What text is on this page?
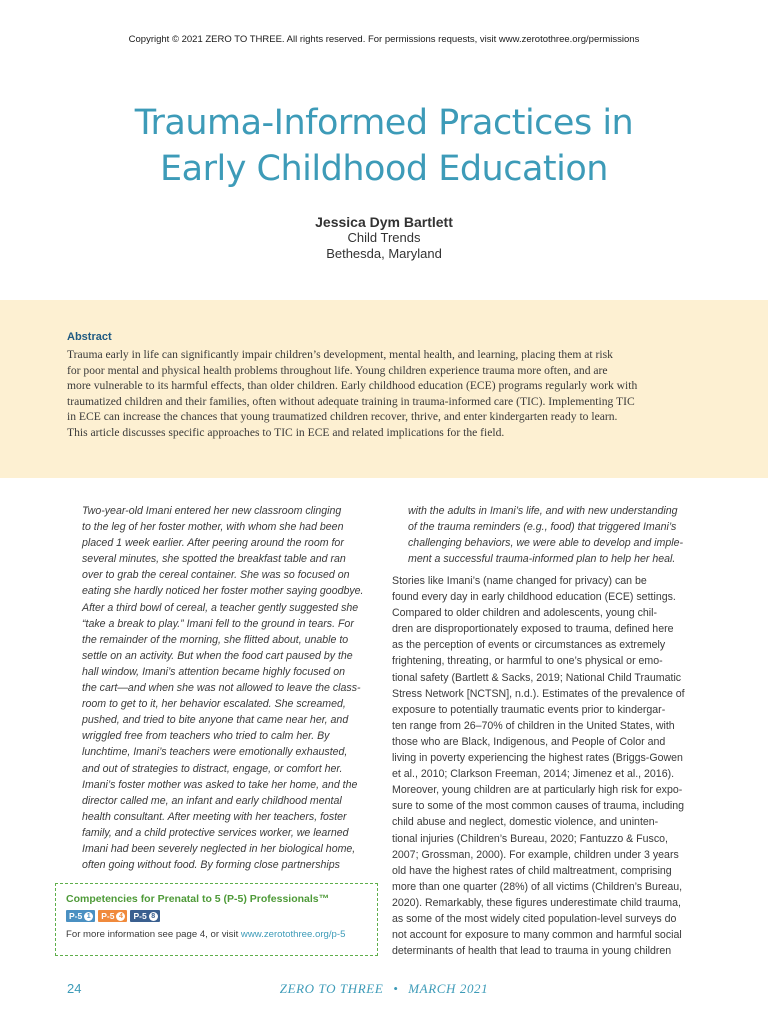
Copyright © 2021 ZERO TO THREE. All rights reserved. For permissions requests, visit www.zerotothree.org/permissions
Trauma-Informed Practices in
Early Childhood Education
Jessica Dym Bartlett
Child Trends
Bethesda, Maryland
Abstract

Trauma early in life can significantly impair children’s development, mental health, and learning, placing them at risk
for poor mental and physical health problems throughout life. Young children experience trauma more often, and are
more vulnerable to its harmful effects, than older children. Early childhood education (ECE) programs regularly work with
traumatized children and their families, often without adequate training in trauma-informed care (TIC). Implementing TIC
in ECE can increase the chances that young traumatized children recover, thrive, and enter kindergarten ready to learn.
This article discusses specific approaches to TIC in ECE and related implications for the field.

Two-year-old Imani entered her new classroom clinging
to the leg of her foster mother, with whom she had been
placed 1 week earlier. After peering around the room for
several minutes, she spotted the breakfast table and ran
over to grab the cereal container. She was so focused on
eating she hardly noticed her foster mother saying goodbye.
After a third bowl of cereal, a teacher gently suggested she
“take a break to play.” Imani fell to the ground in tears. For
the remainder of the morning, she flitted about, unable to
settle on an activity. But when the food cart paused by the
hall window, Imani’s attention became highly focused on
the cart—and when she was not allowed to leave the class-
room to get to it, her behavior escalated. She screamed,
pushed, and tried to bite anyone that came near her, and
wriggled free from teachers who tried to calm her. By
lunchtime, Imani’s teachers were emotionally exhausted,
and out of strategies to distract, engage, or comfort her.
Imani’s foster mother was asked to take her home, and the
director called me, an infant and early childhood mental
health consultant. After meeting with her teachers, foster
family, and a child protective services worker, we learned
Imani had been severely neglected in her biological home,
often going without food. By forming close partnerships

with the adults in Imani’s life, and with new understanding
of the trauma reminders (e.g., food) that triggered Imani’s
challenging behaviors, we were able to develop and imple-
ment a successful trauma-informed plan to help her heal.

Stories like Imani’s (name changed for privacy) can be
found every day in early childhood education (ECE) settings.
Compared to older children and adolescents, young chil-
dren are disproportionately exposed to trauma, defined here
as the perception of events or circumstances as extremely
frightening, threating, or harmful to one’s physical or emo-
tional safety (Bartlett & Sacks, 2019; National Child Traumatic
Stress Network [NCTSN], n.d.). Estimates of the prevalence of
exposure to potentially traumatic events prior to kindergar-
ten range from 26–70% of children in the United States, with
those who are Black, Indigenous, and People of Color and
living in poverty experiencing the highest rates (Briggs-Gowen
et al., 2010; Clarkson Freeman, 2014; Jimenez et al., 2016).
Moreover, young children are at particularly high risk for expo-
sure to some of the most common causes of trauma, including
child abuse and neglect, domestic violence, and uninten-
tional injuries (Children’s Bureau, 2020; Fantuzzo & Fusco,
2007; Grossman, 2000). For example, children under 3 years
old have the highest rates of child maltreatment, comprising
more than one quarter (28%) of all victims (Children’s Bureau,
2020). Remarkably, these figures underestimate child trauma,
as some of the most widely cited population-level surveys do
not account for exposure to many common and harmful social
determinants of health that lead to trauma in young children

Competencies for Prenatal to 5 (P-5) Professionals™
P-5 1 P-5 4 P-5 8
For more information see page 4, or visit www.zerotothree.org/p-5
24	ZERO TO THREE • MARCH 2021
